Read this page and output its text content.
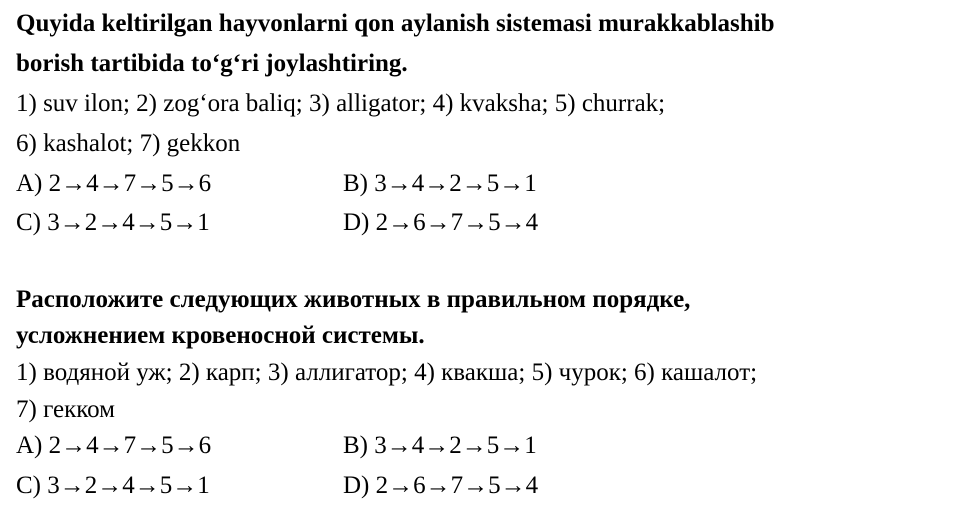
Quyida keltirilgan hayvonlarni qon aylanish sistemasi murakkablashib
borish tartibida to‘g‘ri joylashtiring.
1) suv ilon; 2) zog‘ora baliq; 3) alligator; 4) kvaksha; 5) churrak;
6) kashalot; 7) gekkon
A) 2→4→7→5→6	B) 3→4→2→5→1
C) 3→2→4→5→1	D) 2→6→7→5→4
Расположите следующих животных в правильном порядке,
усложнением кровеносной системы.
1) водяной уж; 2) карп; 3) аллигатор; 4) квакша; 5) чурок; 6) кашалот;
7) гекком
A) 2→4→7→5→6	B) 3→4→2→5→1
C) 3→2→4→5→1	D) 2→6→7→5→4
